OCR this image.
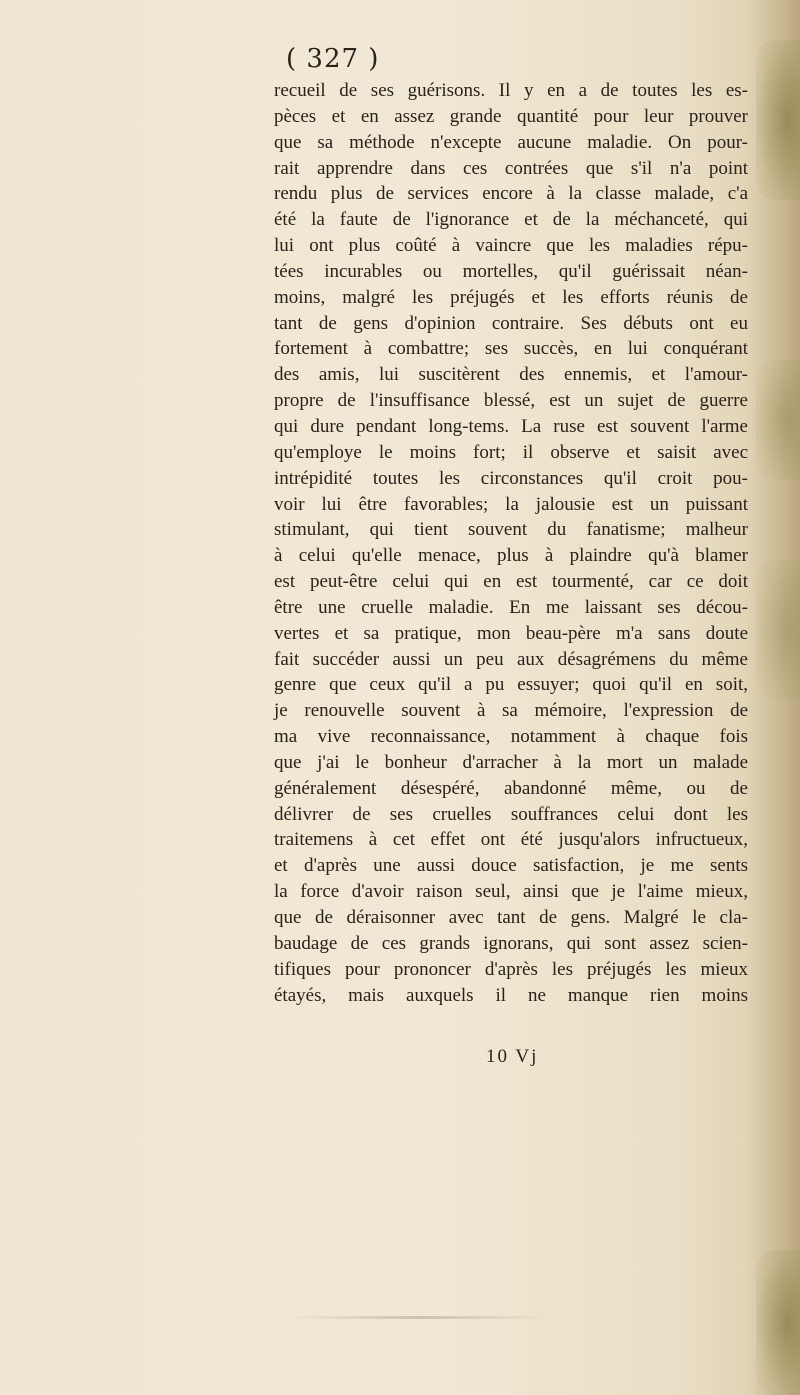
( 327 )
recueil de ses guérisons. Il y en a de toutes les es-
pèces et en assez grande quantité pour leur prouver
que sa méthode n'excepte aucune maladie. On pour-
rait apprendre dans ces contrées que s'il n'a point
rendu plus de services encore à la classe malade, c'a
été la faute de l'ignorance et de la méchanceté, qui
lui ont plus coûté à vaincre que les maladies répu-
tées incurables ou mortelles, qu'il guérissait néan-
moins, malgré les préjugés et les efforts réunis de
tant de gens d'opinion contraire. Ses débuts ont eu
fortement à combattre; ses succès, en lui conquérant
des amis, lui suscitèrent des ennemis, et l'amour-
propre de l'insuffisance blessé, est un sujet de guerre
qui dure pendant long-tems. La ruse est souvent l'arme
qu'employe le moins fort; il observe et saisit avec
intrépidité toutes les circonstances qu'il croit pou-
voir lui être favorables; la jalousie est un puissant
stimulant, qui tient souvent du fanatisme; malheur
à celui qu'elle menace, plus à plaindre qu'à blamer
est peut-être celui qui en est tourmenté, car ce doit
être une cruelle maladie. En me laissant ses décou-
vertes et sa pratique, mon beau-père m'a sans doute
fait succéder aussi un peu aux désagrémens du même
genre que ceux qu'il a pu essuyer; quoi qu'il en soit,
je renouvelle souvent à sa mémoire, l'expression de
ma vive reconnaissance, notamment à chaque fois
que j'ai le bonheur d'arracher à la mort un malade
généralement désespéré, abandonné même, ou de
délivrer de ses cruelles souffrances celui dont les
traitemens à cet effet ont été jusqu'alors infructueux,
et d'après une aussi douce satisfaction, je me sents
la force d'avoir raison seul, ainsi que je l'aime mieux,
que de déraisonner avec tant de gens. Malgré le cla-
baudage de ces grands ignorans, qui sont assez scien-
tifiques pour prononcer d'après les préjugés les mieux
étayés, mais auxquels il ne manque rien moins
10 Vj
